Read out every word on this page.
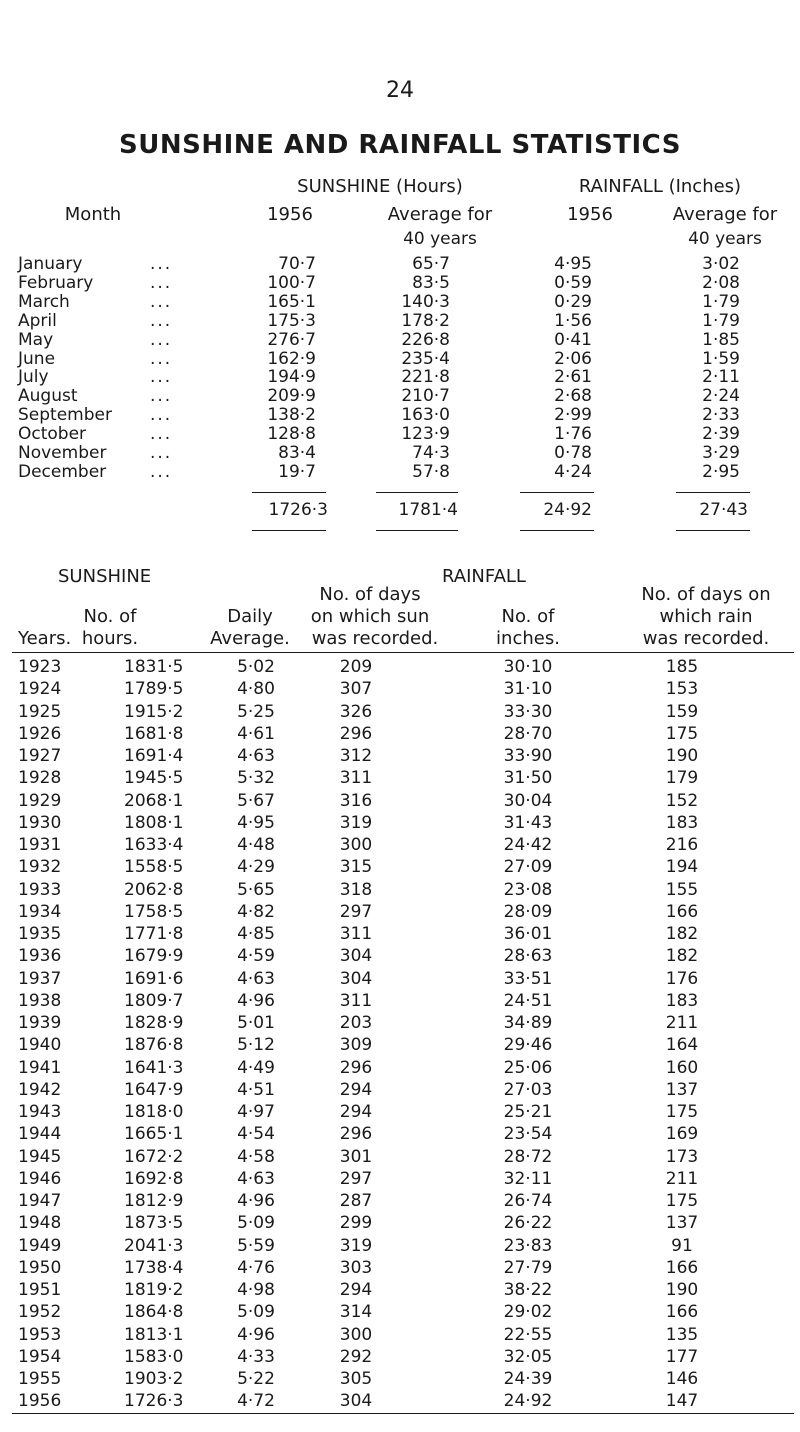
24
SUNSHINE AND RAINFALL STATISTICS
SUNSHINE (Hours)	RAINFALL (Inches)
Month	1956	Average for
40 years
1956	Average for
40 years
January	...	70·7	65·7	4·95	3·02
February	...	100·7	83·5	0·59	2·08
March	...	165·1	140·3	0·29	1·79
April	...	175·3	178·2	1·56	1·79
May	...	276·7	226·8	0·41	1·85
June	...	162·9	235·4	2·06	1·59
July	...	194·9	221·8	2·61	2·11
August	...	209·9	210·7	2·68	2·24
September	...	138·2	163·0	2·99	2·33
October	...	128·8	123·9	1·76	2·39
November	...	83·4	74·3	0·78	3·29
December	...	19·7	57·8	4·24	2·95
1726·3	1781·4	24·92	27·43
SUNSHINE	RAINFALL
No. of days	No. of days on
No. of	Daily	on which sun	No. of	which rain
Years. hours.	Average.	was recorded.	inches.	was recorded.
1923	1831·5	5·02	209	30·10	185
1924	1789·5	4·80	307	31·10	153
1925	1915·2	5·25	326	33·30	159
1926	1681·8	4·61	296	28·70	175
1927	1691·4	4·63	312	33·90	190
1928	1945·5	5·32	311	31·50	179
1929	2068·1	5·67	316	30·04	152
1930	1808·1	4·95	319	31·43	183
1931	1633·4	4·48	300	24·42	216
1932	1558·5	4·29	315	27·09	194
1933	2062·8	5·65	318	23·08	155
1934	1758·5	4·82	297	28·09	166
1935	1771·8	4·85	311	36·01	182
1936	1679·9	4·59	304	28·63	182
1937	1691·6	4·63	304	33·51	176
1938	1809·7	4·96	311	24·51	183
1939	1828·9	5·01	203	34·89	211
1940	1876·8	5·12	309	29·46	164
1941	1641·3	4·49	296	25·06	160
1942	1647·9	4·51	294	27·03	137
1943	1818·0	4·97	294	25·21	175
1944	1665·1	4·54	296	23·54	169
1945	1672·2	4·58	301	28·72	173
1946	1692·8	4·63	297	32·11	211
1947	1812·9	4·96	287	26·74	175
1948	1873·5	5·09	299	26·22	137
1949	2041·3	5·59	319	23·83	91
1950	1738·4	4·76	303	27·79	166
1951	1819·2	4·98	294	38·22	190
1952	1864·8	5·09	314	29·02	166
1953	1813·1	4·96	300	22·55	135
1954	1583·0	4·33	292	32·05	177
1955	1903·2	5·22	305	24·39	146
1956	1726·3	4·72	304	24·92	147
